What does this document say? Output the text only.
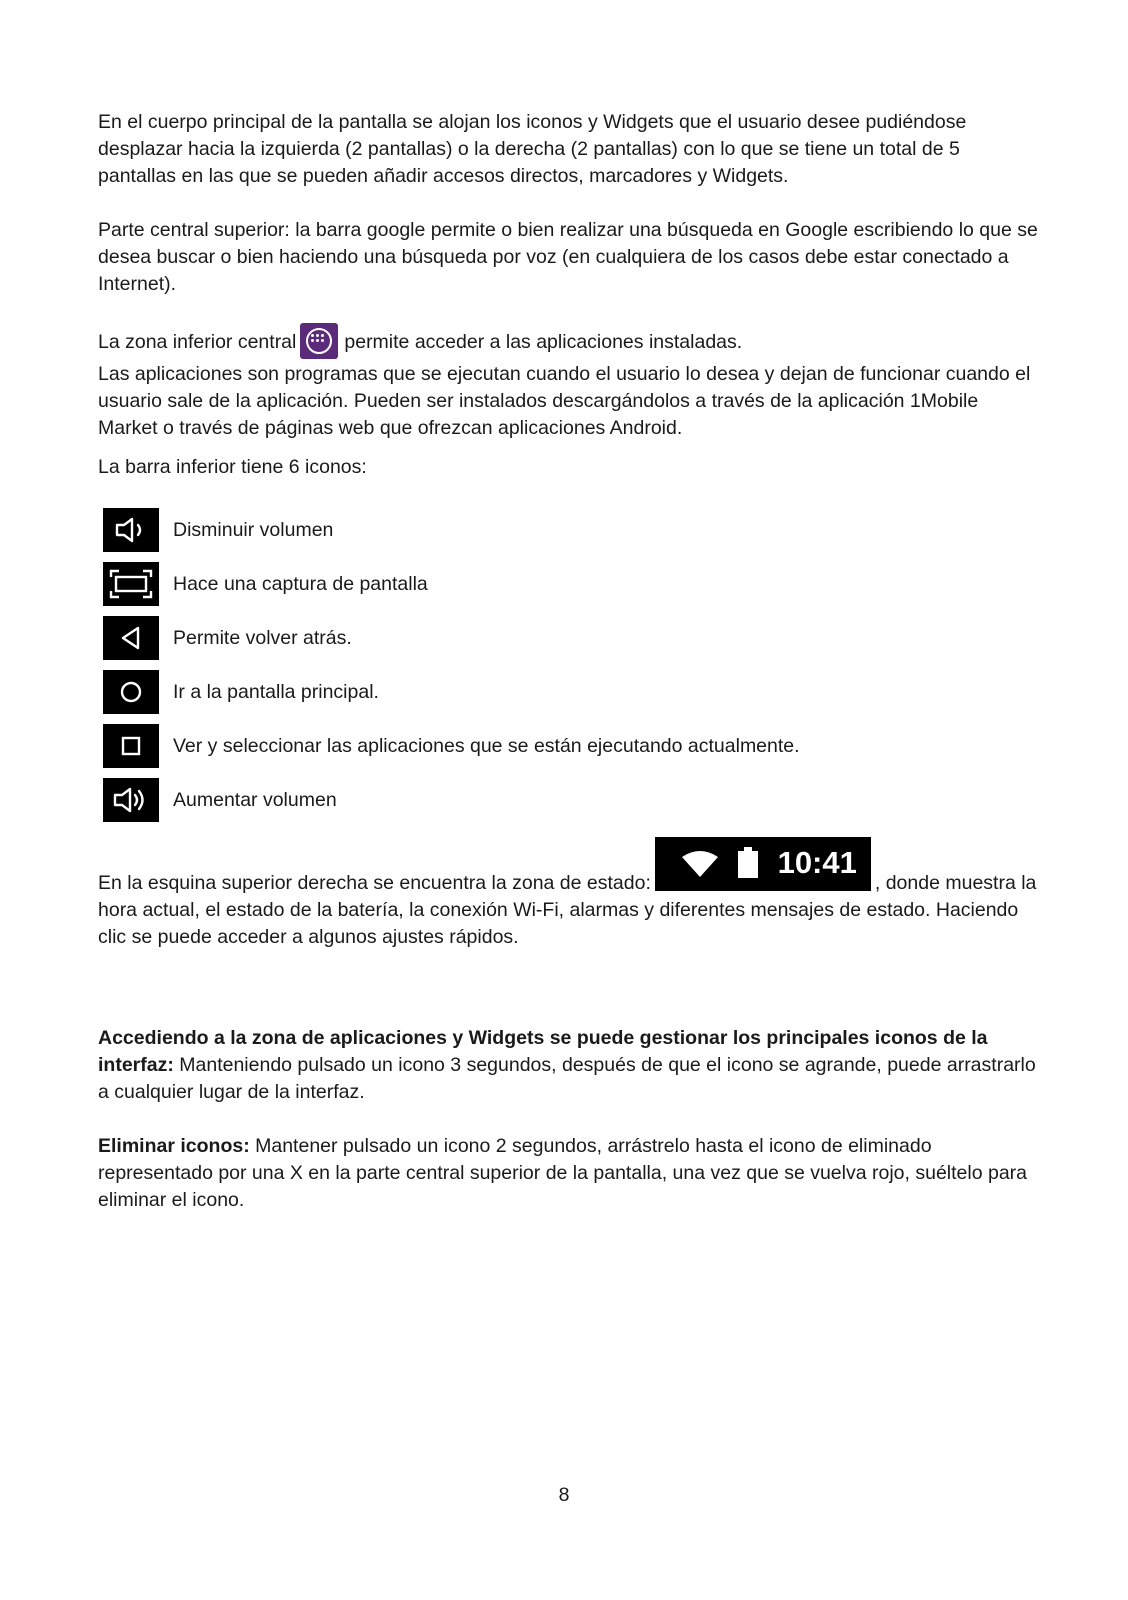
En el cuerpo principal de la pantalla se alojan los iconos y Widgets que el usuario desee pudiéndose desplazar hacia la izquierda (2 pantallas) o la derecha (2 pantallas) con lo que se tiene un total de 5 pantallas en las que se pueden añadir accesos directos, marcadores y Widgets.

Parte central superior: la barra google permite o bien realizar una búsqueda en Google escribiendo lo que se desea buscar o bien haciendo una búsqueda por voz (en cualquiera de los casos debe estar conectado a Internet).

La zona inferior central permite acceder a las aplicaciones instaladas.

Las aplicaciones son programas que se ejecutan cuando el usuario lo desea y dejan de funcionar cuando el usuario sale de la aplicación. Pueden ser instalados descargándolos a través de la aplicación 1Mobile Market o través de páginas web que ofrezcan aplicaciones Android.

La barra inferior tiene 6 iconos:

Disminuir volumen
Hace una captura de pantalla
Permite volver atrás.
Ir a la pantalla principal.
Ver y seleccionar las aplicaciones que se están ejecutando actualmente.
Aumentar volumen

En la esquina superior derecha se encuentra la zona de estado:
10:41
, donde muestra la hora actual, el estado de la batería, la conexión Wi-Fi, alarmas y diferentes mensajes de estado. Haciendo clic se puede acceder a algunos ajustes rápidos.

Accediendo a la zona de aplicaciones y Widgets se puede gestionar los principales iconos de la interfaz: Manteniendo pulsado un icono 3 segundos, después de que el icono se agrande, puede arrastrarlo a cualquier lugar de la interfaz.

Eliminar iconos: Mantener pulsado un icono 2 segundos, arrástrelo hasta el icono de eliminado representado por una X en la parte central superior de la pantalla, una vez que se vuelva rojo, suéltelo para eliminar el icono.

8
